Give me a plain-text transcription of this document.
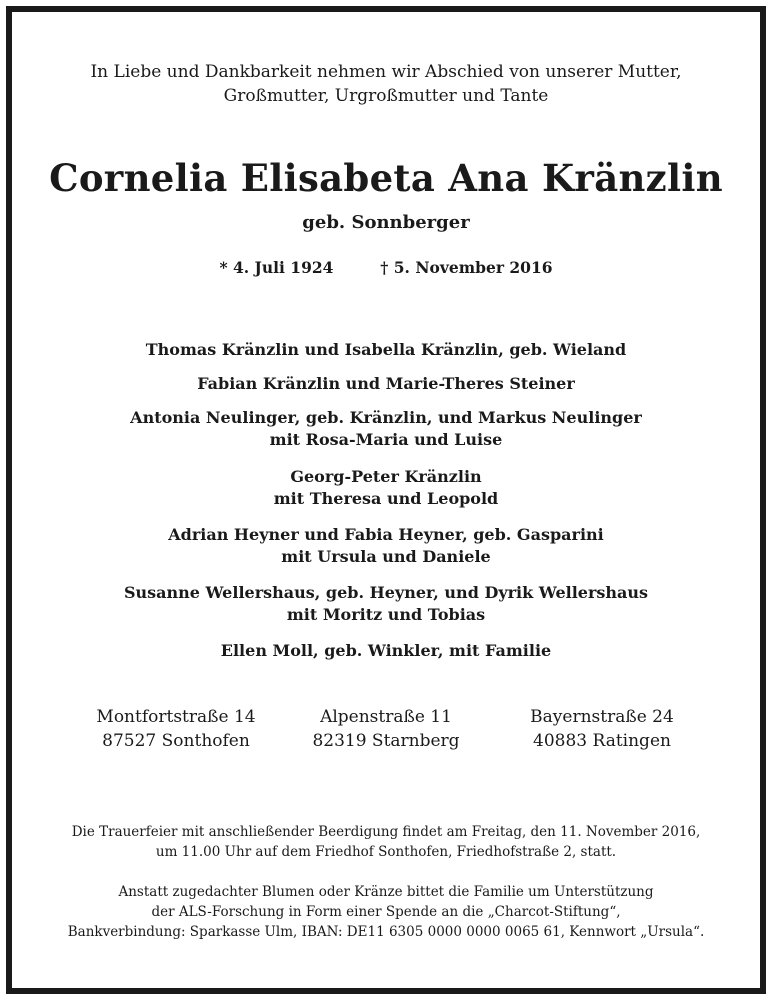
In Liebe und Dankbarkeit nehmen wir Abschied von unserer Mutter,
Großmutter, Urgroßmutter und Tante
Cornelia Elisabeta Ana Kränzlin
geb. Sonnberger
* 4. Juli 1924	† 5. November 2016
Thomas Kränzlin und Isabella Kränzlin, geb. Wieland
Fabian Kränzlin und Marie-Theres Steiner
Antonia Neulinger, geb. Kränzlin, und Markus Neulinger
mit Rosa-Maria und Luise
Georg-Peter Kränzlin
mit Theresa und Leopold
Adrian Heyner und Fabia Heyner, geb. Gasparini
mit Ursula und Daniele
Susanne Wellershaus, geb. Heyner, und Dyrik Wellershaus
mit Moritz und Tobias
Ellen Moll, geb. Winkler, mit Familie
Montfortstraße 14
87527 Sonthofen
Alpenstraße 11
82319 Starnberg
Bayernstraße 24
40883 Ratingen
Die Trauerfeier mit anschließender Beerdigung findet am Freitag, den 11. November 2016,
um 11.00 Uhr auf dem Friedhof Sonthofen, Friedhofstraße 2, statt.
Anstatt zugedachter Blumen oder Kränze bittet die Familie um Unterstützung
der ALS-Forschung in Form einer Spende an die „Charcot-Stiftung“,
Bankverbindung: Sparkasse Ulm, IBAN: DE11 6305 0000 0000 0065 61, Kennwort „Ursula“.
